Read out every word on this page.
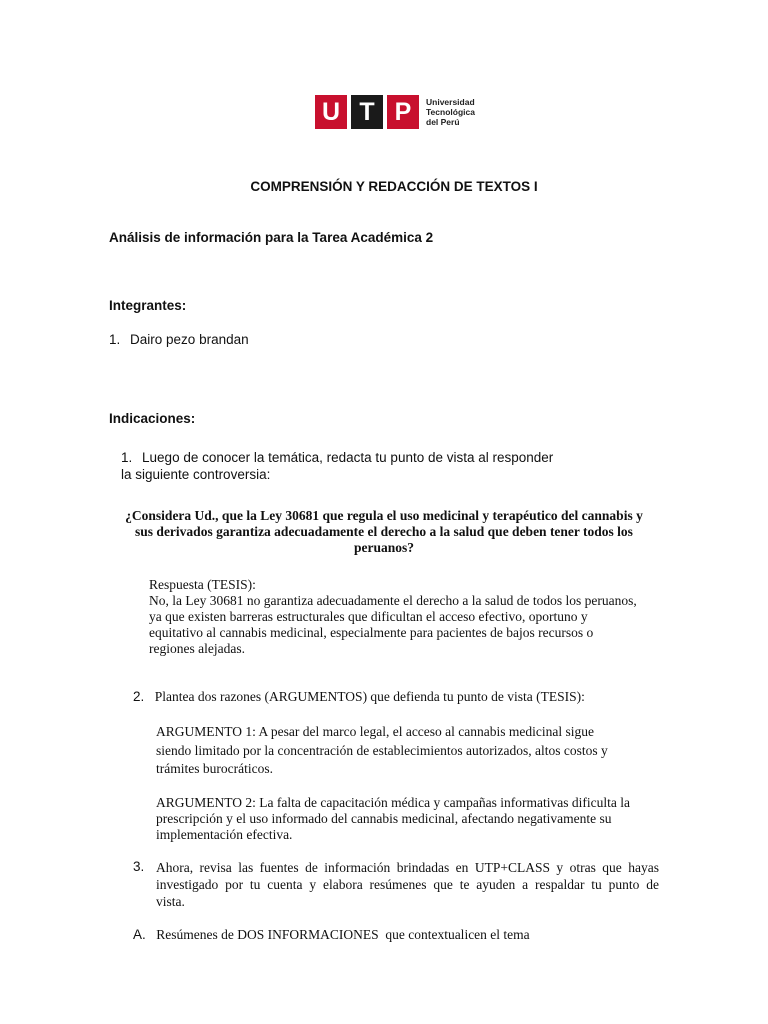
U T P	Universidad
Tecnológica
del Perú
COMPRENSIÓN Y REDACCIÓN DE TEXTOS I
Análisis de información para la Tarea Académica 2
Integrantes:
1. Dairo pezo brandan
Indicaciones:
1. Luego de conocer la temática, redacta tu punto de vista al responder
la siguiente controversia:
¿Considera Ud., que la Ley 30681 que regula el uso medicinal y terapéutico del cannabis y
sus derivados garantiza adecuadamente el derecho a la salud que deben tener todos los
peruanos?
Respuesta (TESIS):
No, la Ley 30681 no garantiza adecuadamente el derecho a la salud de todos los peruanos,
ya que existen barreras estructurales que dificultan el acceso efectivo, oportuno y
equitativo al cannabis medicinal, especialmente para pacientes de bajos recursos o
regiones alejadas.
2. Plantea dos razones (ARGUMENTOS) que defienda tu punto de vista (TESIS):
ARGUMENTO 1: A pesar del marco legal, el acceso al cannabis medicinal sigue
siendo limitado por la concentración de establecimientos autorizados, altos costos y
trámites burocráticos.
ARGUMENTO 2: La falta de capacitación médica y campañas informativas dificulta la
prescripción y el uso informado del cannabis medicinal, afectando negativamente su
implementación efectiva.
3. Ahora, revisa las fuentes de información brindadas en UTP+CLASS y otras que hayas
investigado por tu cuenta y elabora resúmenes que te ayuden a respaldar tu punto de
vista.
A. Resúmenes de DOS INFORMACIONES  que contextualicen el tema
